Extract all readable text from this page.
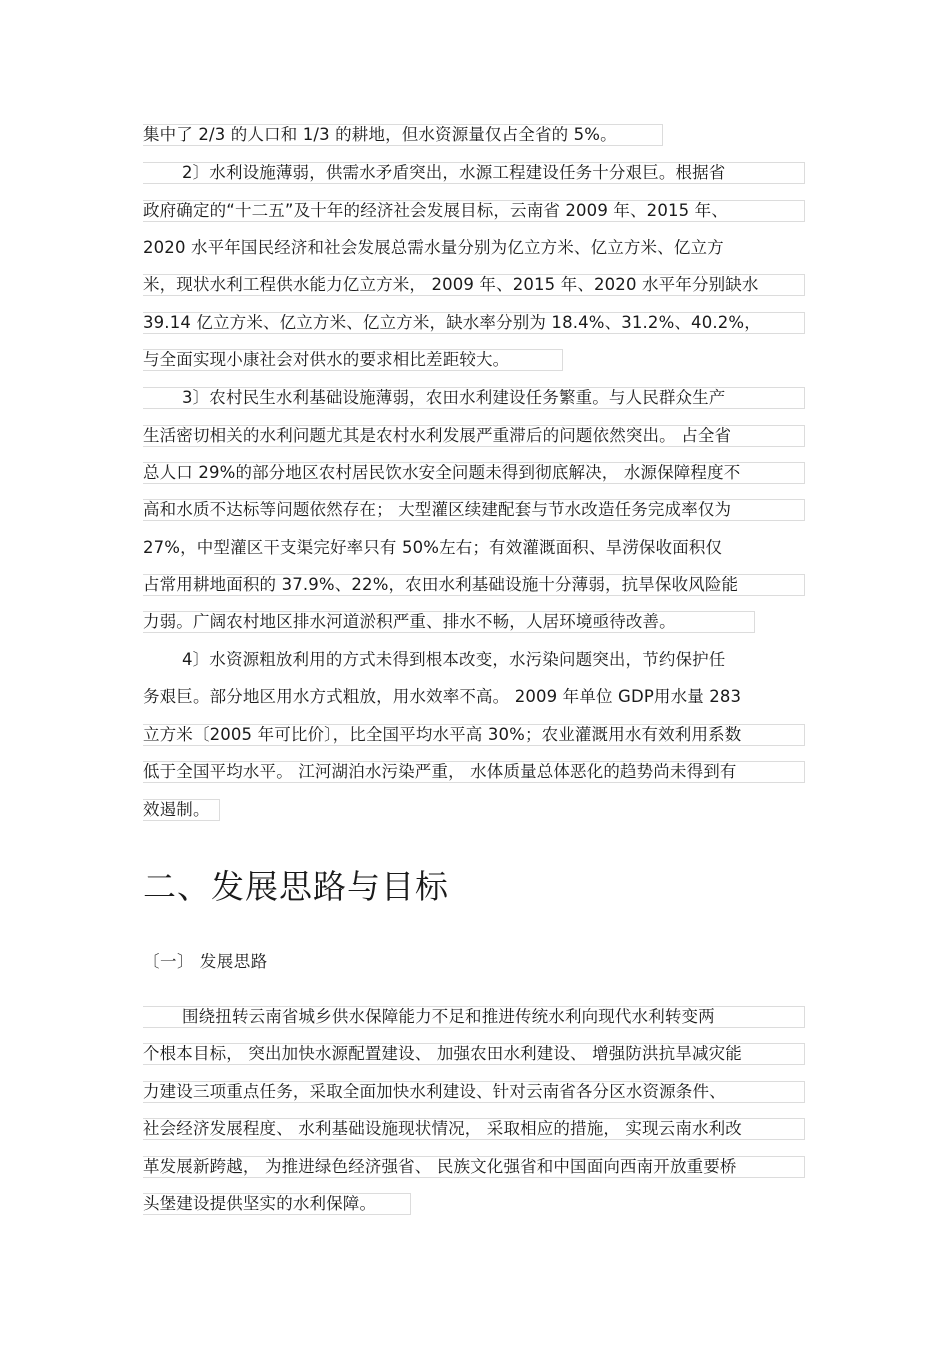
集中了 2/3 的人口和 1/3 的耕地，但水资源量仅占全省的 5%。
2〕水利设施薄弱，供需水矛盾突出，水源工程建设任务十分艰巨。根据省
政府确定的“十二五”及十年的经济社会发展目标，云南省 2009 年、2015 年、
2020 水平年国民经济和社会发展总需水量分别为亿立方米、亿立方米、亿立方
米，现状水利工程供水能力亿立方米， 2009 年、2015 年、2020 水平年分别缺水
39.14 亿立方米、亿立方米、亿立方米，缺水率分别为 18.4%、31.2%、40.2%，
与全面实现小康社会对供水的要求相比差距较大。
3〕农村民生水利基础设施薄弱，农田水利建设任务繁重。与人民群众生产
生活密切相关的水利问题尤其是农村水利发展严重滞后的问题依然突出。 占全省
总人口 29%的部分地区农村居民饮水安全问题未得到彻底解决， 水源保障程度不
高和水质不达标等问题依然存在； 大型灌区续建配套与节水改造任务完成率仅为
27%，中型灌区干支渠完好率只有 50%左右；有效灌溉面积、旱涝保收面积仅
占常用耕地面积的 37.9%、22%，农田水利基础设施十分薄弱，抗旱保收风险能
力弱。广阔农村地区排水河道淤积严重、排水不畅，人居环境亟待改善。
4〕水资源粗放利用的方式未得到根本改变，水污染问题突出，节约保护任
务艰巨。部分地区用水方式粗放，用水效率不高。 2009 年单位 GDP用水量 283
立方米〔2005 年可比价〕，比全国平均水平高 30%；农业灌溉用水有效利用系数
低于全国平均水平。 江河湖泊水污染严重， 水体质量总体恶化的趋势尚未得到有
效遏制。
二、发展思路与目标
〔一〕 发展思路
围绕扭转云南省城乡供水保障能力不足和推进传统水利向现代水利转变两
个根本目标， 突出加快水源配置建设、 加强农田水利建设、 增强防洪抗旱减灾能
力建设三项重点任务，采取全面加快水利建设、针对云南省各分区水资源条件、
社会经济发展程度、 水利基础设施现状情况， 采取相应的措施， 实现云南水利改
革发展新跨越， 为推进绿色经济强省、 民族文化强省和中国面向西南开放重要桥
头堡建设提供坚实的水利保障。
